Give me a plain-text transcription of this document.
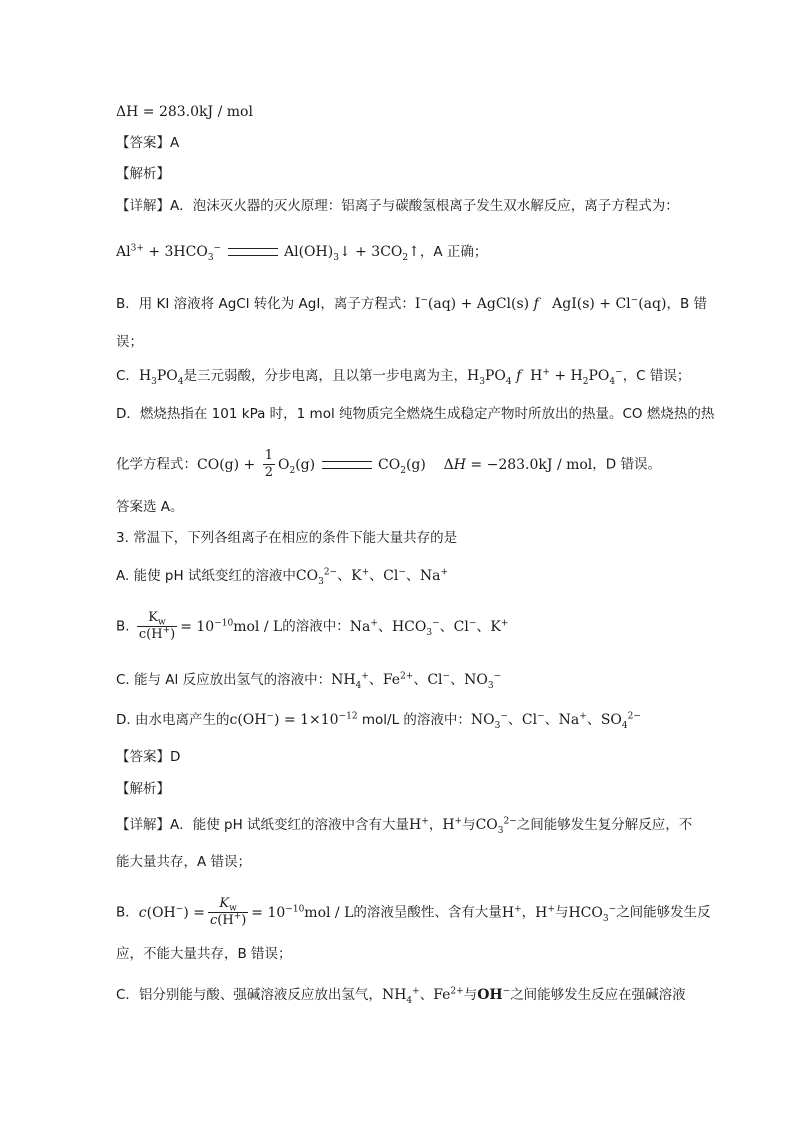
ΔH = 283.0kJ / mol
【答案】A
【解析】
【详解】A．泡沫灭火器的灭火原理：铝离子与碳酸氢根离子发生双水解反应，离子方程式为：
$Al^{3+} + 3HCO_3^-$	$Al(OH)_3↓$ + $3CO_2↑$，A 正确；
B．用 KI 溶液将 AgCl 转化为 AgI，离子方程式：I−(aq) + AgCl(s) f   AgI(s) + Cl−(aq)，B 错
误；
C．$H_3PO_4$是三元弱酸，分步电离，且以第一步电离为主，$H_3PO_4$ f  $H^+ + H_2PO_4^-$，C 错误；
D．燃烧热指在 101 kPa 时，1 mol 纯物质完全燃烧生成稳定产物时所放出的热量。CO 燃烧热的热
化学方程式：$CO(g) + \frac{1}{2} O_2(g)$	$CO_2(g)$    ΔH = −283.0kJ / mol，D 错误。
答案选 A。
3. 常温下，下列各组离子在相应的条件下能大量共存的是
A. 能使 pH 试纸变红的溶液中$CO_3^{2-}$、K+、Cl−、Na+
B. $\frac{K_w}{c(H^+)} = 10^{-10}mol / L$的溶液中：Na+、$HCO_3^-$、Cl−、K+
C. 能与 Al 反应放出氢气的溶液中：$NH_4^+$、$Fe^{2+}$、Cl−、$NO_3^-$
D. 由水电离产生的$c(OH^-) = 1\times 10^{-12}$ mol/L 的溶液中：$NO_3^-$、Cl−、Na+、$SO_4^{2-}$
【答案】D
【解析】
【详解】A．能使 pH 试纸变红的溶液中含有大量H+，H+与$CO_3^{2-}$之间能够发生复分解反应，不
能大量共存，A 错误；
B．$c(OH^-) = \frac{K_w}{c(H^+)} = 10^{-10}mol / L$的溶液呈酸性、含有大量H+，H+与$HCO_3^-$之间能够发生反
应，不能大量共存，B 错误；
C．铝分别能与酸、强碱溶液反应放出氢气，$NH_4^+$、$Fe^{2+}$与OH−之间能够发生反应在强碱溶液
